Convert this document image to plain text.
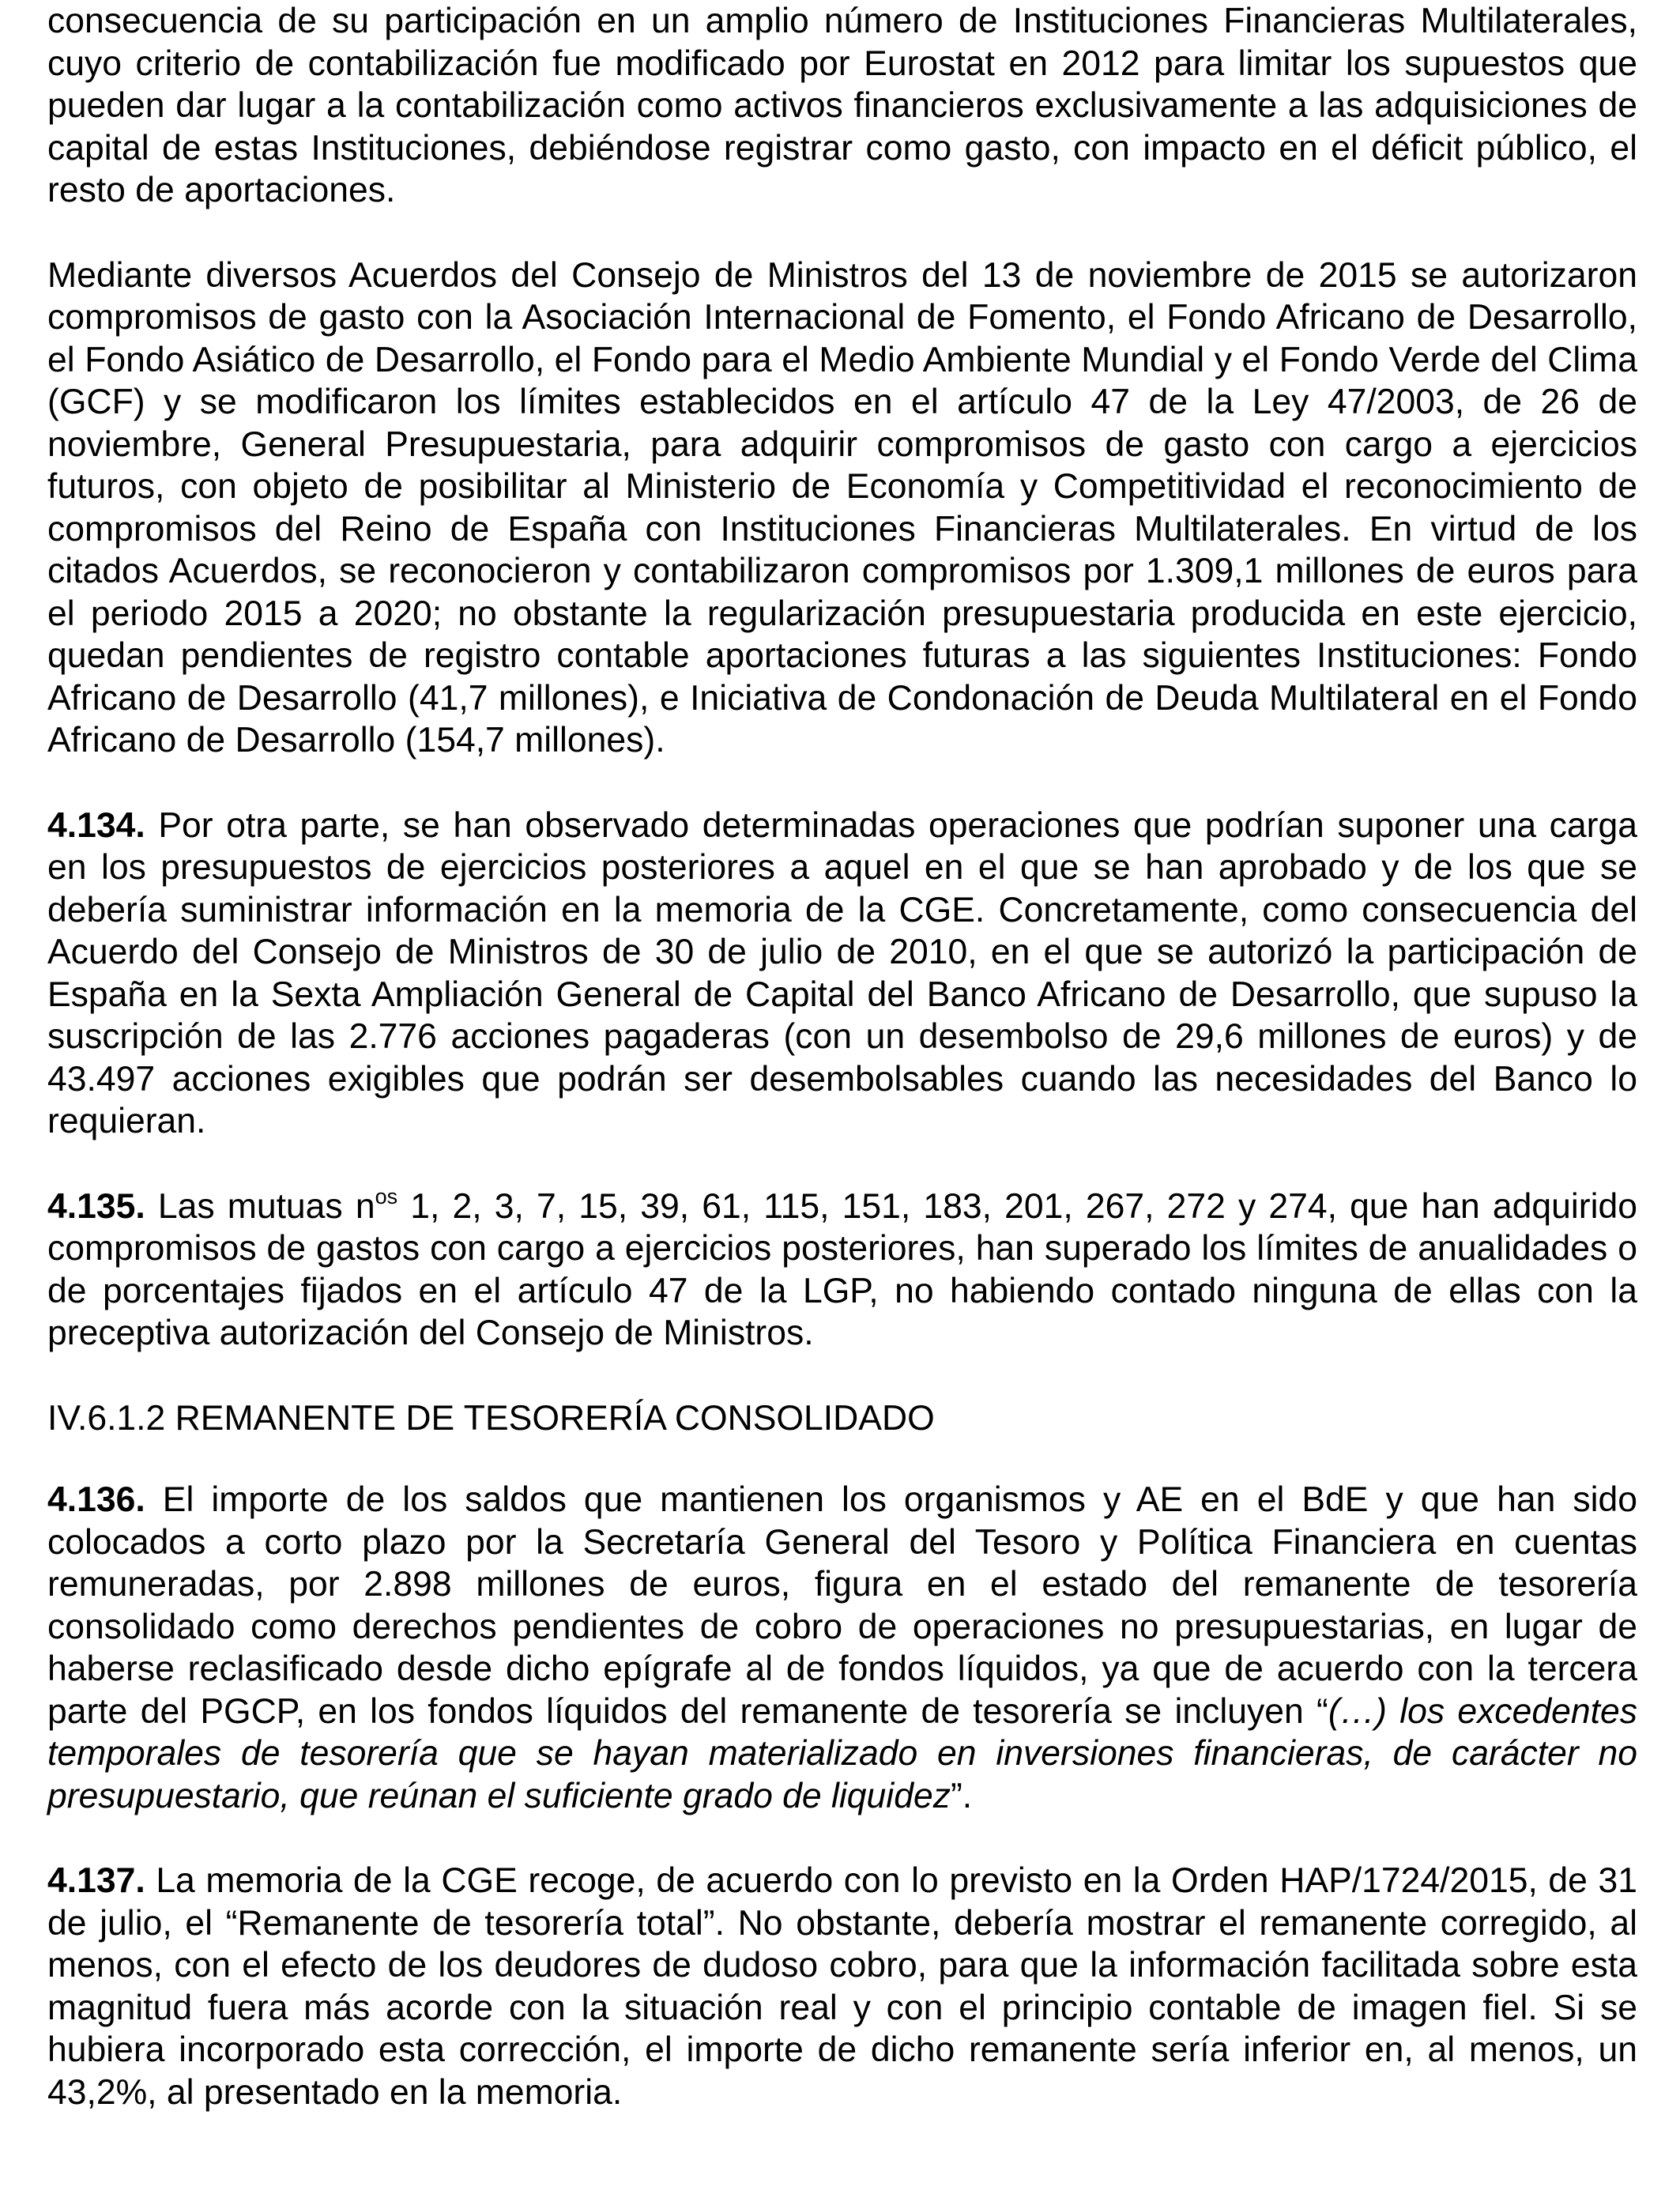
consecuencia de su participación en un amplio número de Instituciones Financieras Multilaterales, cuyo criterio de contabilización fue modificado por Eurostat en 2012 para limitar los supuestos que pueden dar lugar a la contabilización como activos financieros exclusivamente a las adquisiciones de capital de estas Instituciones, debiéndose registrar como gasto, con impacto en el déficit público, el resto de aportaciones.

Mediante diversos Acuerdos del Consejo de Ministros del 13 de noviembre de 2015 se autorizaron compromisos de gasto con la Asociación Internacional de Fomento, el Fondo Africano de Desarrollo, el Fondo Asiático de Desarrollo, el Fondo para el Medio Ambiente Mundial y el Fondo Verde del Clima (GCF) y se modificaron los límites establecidos en el artículo 47 de la Ley 47/2003, de 26 de noviembre, General Presupuestaria, para adquirir compromisos de gasto con cargo a ejercicios futuros, con objeto de posibilitar al Ministerio de Economía y Competitividad el reconocimiento de compromisos del Reino de España con Instituciones Financieras Multilaterales. En virtud de los citados Acuerdos, se reconocieron y contabilizaron compromisos por 1.309,1 millones de euros para el periodo 2015 a 2020; no obstante la regularización presupuestaria producida en este ejercicio, quedan pendientes de registro contable aportaciones futuras a las siguientes Instituciones: Fondo Africano de Desarrollo (41,7 millones), e Iniciativa de Condonación de Deuda Multilateral en el Fondo Africano de Desarrollo (154,7 millones).

4.134. Por otra parte, se han observado determinadas operaciones que podrían suponer una carga en los presupuestos de ejercicios posteriores a aquel en el que se han aprobado y de los que se debería suministrar información en la memoria de la CGE. Concretamente, como consecuencia del Acuerdo del Consejo de Ministros de 30 de julio de 2010, en el que se autorizó la participación de España en la Sexta Ampliación General de Capital del Banco Africano de Desarrollo, que supuso la suscripción de las 2.776 acciones pagaderas (con un desembolso de 29,6 millones de euros) y de 43.497 acciones exigibles que podrán ser desembolsables cuando las necesidades del Banco lo requieran.

4.135. Las mutuas $n^{os}$ 1, 2, 3, 7, 15, 39, 61, 115, 151, 183, 201, 267, 272 y 274, que han adquirido compromisos de gastos con cargo a ejercicios posteriores, han superado los límites de anualidades o de porcentajes fijados en el artículo 47 de la LGP, no habiendo contado ninguna de ellas con la preceptiva autorización del Consejo de Ministros.

IV.6.1.2 REMANENTE DE TESORERÍA CONSOLIDADO

4.136. El importe de los saldos que mantienen los organismos y AE en el BdE y que han sido colocados a corto plazo por la Secretaría General del Tesoro y Política Financiera en cuentas remuneradas, por 2.898 millones de euros, figura en el estado del remanente de tesorería consolidado como derechos pendientes de cobro de operaciones no presupuestarias, en lugar de haberse reclasificado desde dicho epígrafe al de fondos líquidos, ya que de acuerdo con la tercera parte del PGCP, en los fondos líquidos del remanente de tesorería se incluyen “(…) los excedentes temporales de tesorería que se hayan materializado en inversiones financieras, de carácter no presupuestario, que reúnan el suficiente grado de liquidez”.

4.137. La memoria de la CGE recoge, de acuerdo con lo previsto en la Orden HAP/1724/2015, de 31 de julio, el “Remanente de tesorería total”. No obstante, debería mostrar el remanente corregido, al menos, con el efecto de los deudores de dudoso cobro, para que la información facilitada sobre esta magnitud fuera más acorde con la situación real y con el principio contable de imagen fiel. Si se hubiera incorporado esta corrección, el importe de dicho remanente sería inferior en, al menos, un 43,2%, al presentado en la memoria.
